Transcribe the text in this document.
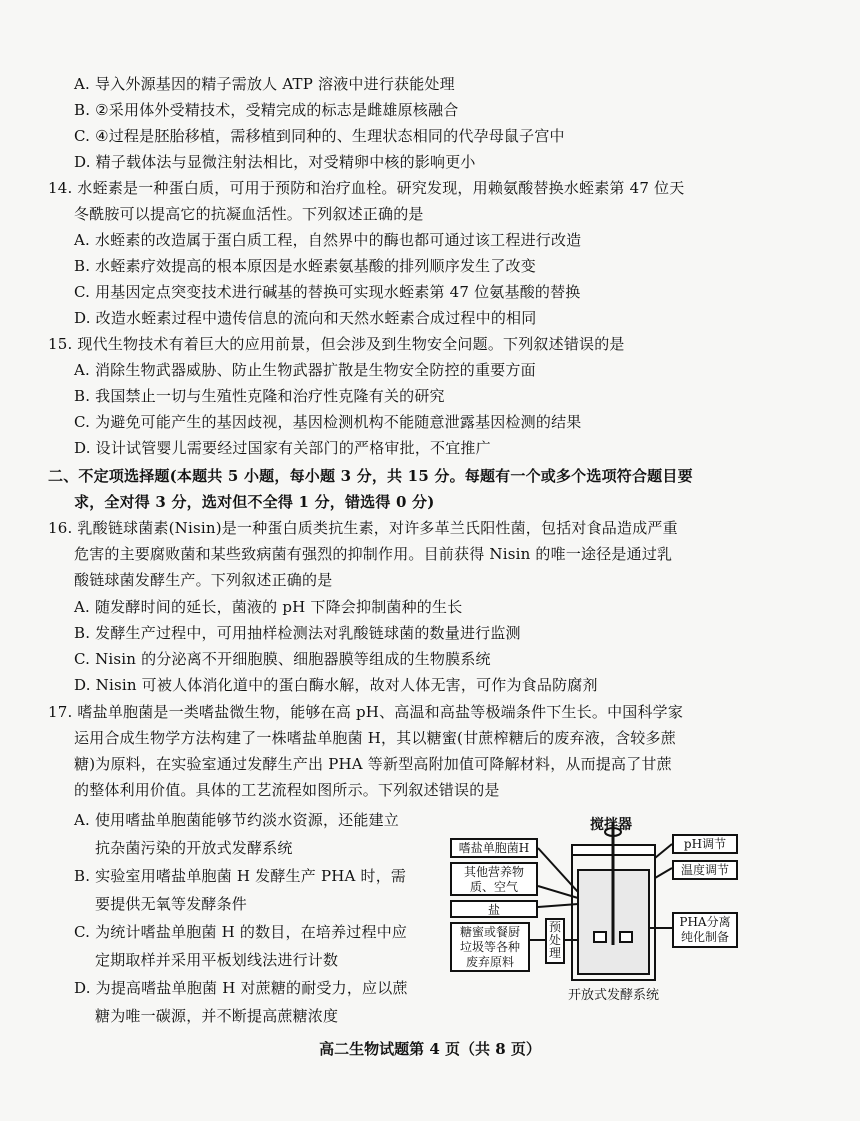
A. 导入外源基因的精子需放人 ATP 溶液中进行获能处理
B. ②采用体外受精技术，受精完成的标志是雌雄原核融合
C. ④过程是胚胎移植，需移植到同种的、生理状态相同的代孕母鼠子宫中
D. 精子载体法与显微注射法相比，对受精卵中核的影响更小
14. 水蛭素是一种蛋白质，可用于预防和治疗血栓。研究发现，用赖氨酸替换水蛭素第 47 位天
冬酰胺可以提高它的抗凝血活性。下列叙述正确的是
A. 水蛭素的改造属于蛋白质工程，自然界中的酶也都可通过该工程进行改造
B. 水蛭素疗效提高的根本原因是水蛭素氨基酸的排列顺序发生了改变
C. 用基因定点突变技术进行碱基的替换可实现水蛭素第 47 位氨基酸的替换
D. 改造水蛭素过程中遗传信息的流向和天然水蛭素合成过程中的相同
15. 现代生物技术有着巨大的应用前景，但会涉及到生物安全问题。下列叙述错误的是
A. 消除生物武器威胁、防止生物武器扩散是生物安全防控的重要方面
B. 我国禁止一切与生殖性克隆和治疗性克隆有关的研究
C. 为避免可能产生的基因歧视，基因检测机构不能随意泄露基因检测的结果
D. 设计试管婴儿需要经过国家有关部门的严格审批，不宜推广
二、不定项选择题(本题共 5 小题，每小题 3 分，共 15 分。每题有一个或多个选项符合题目要
求，全对得 3 分，选对但不全得 1 分，错选得 0 分)
16. 乳酸链球菌素(Nisin)是一种蛋白质类抗生素，对许多革兰氏阳性菌，包括对食品造成严重
危害的主要腐败菌和某些致病菌有强烈的抑制作用。目前获得 Nisin 的唯一途径是通过乳
酸链球菌发酵生产。下列叙述正确的是
A. 随发酵时间的延长，菌液的 pH 下降会抑制菌种的生长
B. 发酵生产过程中，可用抽样检测法对乳酸链球菌的数量进行监测
C. Nisin 的分泌离不开细胞膜、细胞器膜等组成的生物膜系统
D. Nisin 可被人体消化道中的蛋白酶水解，故对人体无害，可作为食品防腐剂
17. 嗜盐单胞菌是一类嗜盐微生物，能够在高 pH、高温和高盐等极端条件下生长。中国科学家
运用合成生物学方法构建了一株嗜盐单胞菌 H，其以糖蜜(甘蔗榨糖后的废弃液，含较多蔗
糖)为原料，在实验室通过发酵生产出 PHA 等新型高附加值可降解材料，从而提高了甘蔗
的整体利用价值。具体的工艺流程如图所示。下列叙述错误的是
A. 使用嗜盐单胞菌能够节约淡水资源，还能建立
抗杂菌污染的开放式发酵系统
B. 实验室用嗜盐单胞菌 H 发酵生产 PHA 时，需
要提供无氧等发酵条件
C. 为统计嗜盐单胞菌 H 的数目，在培养过程中应
定期取样并采用平板划线法进行计数
D. 为提高嗜盐单胞菌 H 对蔗糖的耐受力，应以蔗
糖为唯一碳源，并不断提高蔗糖浓度
搅拌器
pH调节
温度调节
嗜盐单胞菌H
其他营养物质、空气
盐
糖蜜或餐厨垃圾等各种废弃原料
预处理
PHA分离纯化制备
开放式发酵系统
高二生物试题第 4 页（共 8 页）
